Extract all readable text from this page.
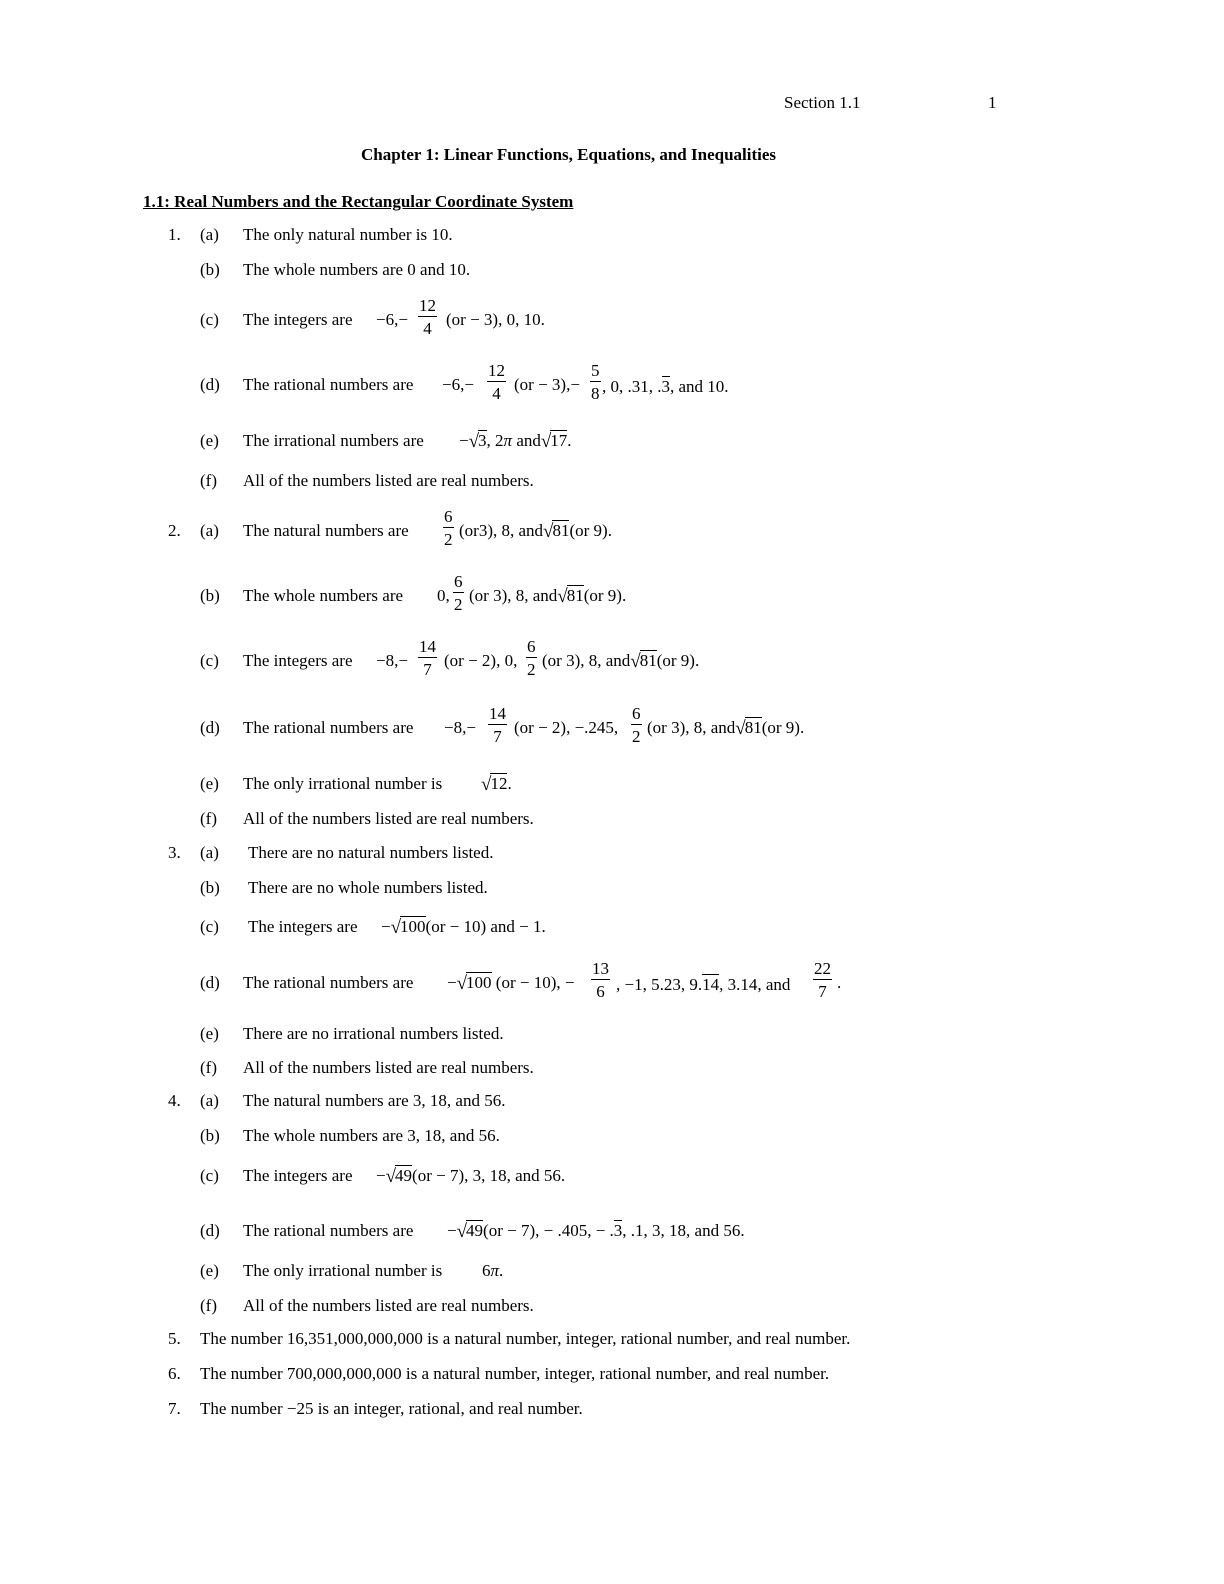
Section 1.1	1
Chapter 1: Linear Functions, Equations, and Inequalities
1.1: Real Numbers and the Rectangular Coordinate System
1. (a) The only natural number is 10.
(b) The whole numbers are 0 and 10.
(c) The integers are $-6,- \frac{12}{4} (or - 3)$, 0, 10.
(d) The rational numbers are $-6,- \frac{12}{4} (or - 3),- \frac{5}{8}$ , 0, .31, .3, and 10.
(e) The irrational numbers are −√3, 2π and√17.
(f) All of the numbers listed are real numbers.
2. (a) The natural numbers are $\frac{6}{2} (or3)$, 8, and√81(or 9).
(b) The whole numbers are 0, $\frac{6}{2} (or$ 3), 8, and√81(or 9).
(c) The integers are $-8,- \frac{14}{7} (or - 2)$, 0, $\frac{6}{2} (or$ 3), 8, and√81(or 9).
(d) The rational numbers are $-8,- \frac{14}{7} (or - 2)$, −.245, $\frac{6}{2} (or$ 3), 8, and√81(or 9).
(e) The only irrational number is √12.
(f) All of the numbers listed are real numbers.
3. (a) There are no natural numbers listed.
(b) There are no whole numbers listed.
(c) The integers are −√100(or − 10) and − 1.
(d) The rational numbers are −√100 (or − 10), − $\frac{13}{6}$ , −1, 5.23, 9.14, 3.14, and $\frac{22}{7}$ .
(e) There are no irrational numbers listed.
(f) All of the numbers listed are real numbers.
4. (a) The natural numbers are 3, 18, and 56.
(b) The whole numbers are 3, 18, and 56.
(c) The integers are −√49(or − 7), 3, 18, and 56.
(d) The rational numbers are −√49(or − 7), − .405, − .3, .1, 3, 18, and 56.
(e) The only irrational number is 6π.
(f) All of the numbers listed are real numbers.
5. The number 16,351,000,000,000 is a natural number, integer, rational number, and real number.
6. The number 700,000,000,000 is a natural number, integer, rational number, and real number.
7. The number −25 is an integer, rational, and real number.
